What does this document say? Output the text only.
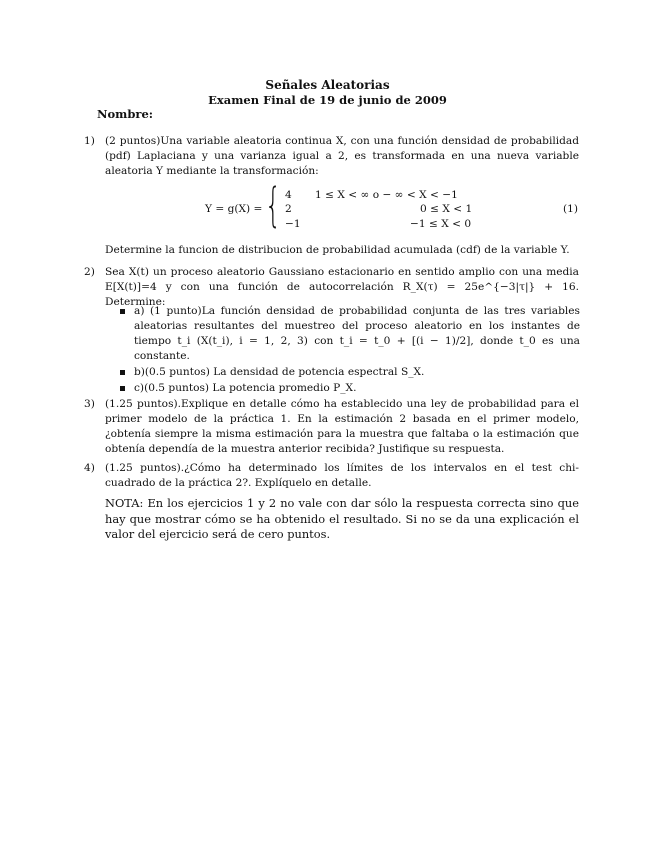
Señales Aleatorias
Examen Final de 19 de junio de 2009
Nombre:
1) (2 puntos)Una variable aleatoria continua X, con una función densidad de probabilidad (pdf) Laplaciana y una varianza igual a 2, es transformada en una nueva variable aleatoria Y mediante la transformación:
Y = g(X) = { 4 1 ≤ X < ∞ o − ∞ < X < −1
2	0 ≤ X < 1
−1	−1 ≤ X < 0
(1)
Determine la funcion de distribucion de probabilidad acumulada (cdf) de la variable Y.
2) Sea X(t) un proceso aleatorio Gaussiano estacionario en sentido amplio con una media E[X(t)]=4 y con una función de autocorrelación R_X(τ) = 25e^{−3|τ|} + 16. Determine:
a) (1 punto)La función densidad de probabilidad conjunta de las tres variables aleatorias resultantes del muestreo del proceso aleatorio en los instantes de tiempo t_i (X(t_i), i = 1, 2, 3) con t_i = t_0 + [(i − 1)/2], donde t_0 es una constante.
b)(0.5 puntos) La densidad de potencia espectral S_X.
c)(0.5 puntos) La potencia promedio P_X.
3) (1.25 puntos).Explique en detalle cómo ha establecido una ley de probabilidad para el primer modelo de la práctica 1. En la estimación 2 basada en el primer modelo, ¿obtenía siempre la misma estimación para la muestra que faltaba o la estimación que obtenía dependía de la muestra anterior recibida? Justifique su respuesta.
4) (1.25 puntos).¿Cómo ha determinado los límites de los intervalos en el test chi-cuadrado de la práctica 2?. Explíquelo en detalle.
NOTA: En los ejercicios 1 y 2 no vale con dar sólo la respuesta correcta sino que hay que mostrar cómo se ha obtenido el resultado. Si no se da una explicación el valor del ejercicio será de cero puntos.
